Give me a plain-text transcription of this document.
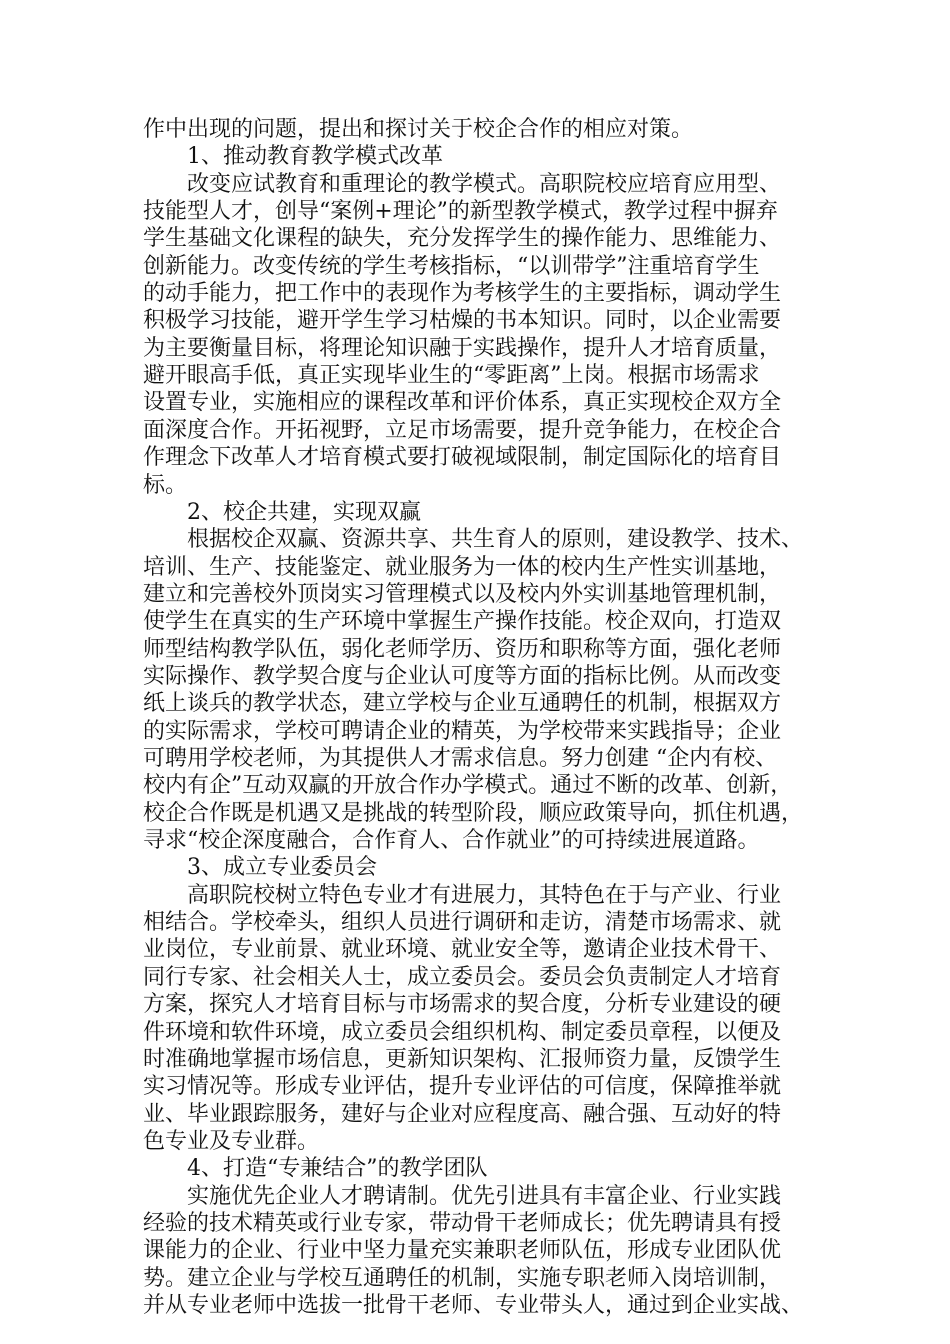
作中出现的问题，提出和探讨关于校企合作的相应对策。
1、推动教育教学模式改革
改变应试教育和重理论的教学模式。高职院校应培育应用型、
技能型人才，创导“案例+理论”的新型教学模式，教学过程中摒弃
学生基础文化课程的缺失，充分发挥学生的操作能力、思维能力、
创新能力。改变传统的学生考核指标，“以训带学”注重培育学生
的动手能力，把工作中的表现作为考核学生的主要指标，调动学生
积极学习技能，避开学生学习枯燥的书本知识。同时，以企业需要
为主要衡量目标，将理论知识融于实践操作，提升人才培育质量，
避开眼高手低，真正实现毕业生的“零距离”上岗。根据市场需求
设置专业，实施相应的课程改革和评价体系，真正实现校企双方全
面深度合作。开拓视野，立足市场需要，提升竞争能力，在校企合
作理念下改革人才培育模式要打破视域限制，制定国际化的培育目
标。
2、校企共建，实现双赢
根据校企双赢、资源共享、共生育人的原则，建设教学、技术、
培训、生产、技能鉴定、就业服务为一体的校内生产性实训基地，
建立和完善校外顶岗实习管理模式以及校内外实训基地管理机制，
使学生在真实的生产环境中掌握生产操作技能。校企双向，打造双
师型结构教学队伍，弱化老师学历、资历和职称等方面，强化老师
实际操作、教学契合度与企业认可度等方面的指标比例。从而改变
纸上谈兵的教学状态，建立学校与企业互通聘任的机制，根据双方
的实际需求，学校可聘请企业的精英，为学校带来实践指导；企业
可聘用学校老师，为其提供人才需求信息。努力创建 “企内有校、
校内有企”互动双赢的开放合作办学模式。通过不断的改革、创新，
校企合作既是机遇又是挑战的转型阶段，顺应政策导向，抓住机遇，
寻求“校企深度融合，合作育人、合作就业”的可持续进展道路。
3、成立专业委员会
高职院校树立特色专业才有进展力，其特色在于与产业、行业
相结合。学校牵头，组织人员进行调研和走访，清楚市场需求、就
业岗位，专业前景、就业环境、就业安全等，邀请企业技术骨干、
同行专家、社会相关人士，成立委员会。委员会负责制定人才培育
方案，探究人才培育目标与市场需求的契合度，分析专业建设的硬
件环境和软件环境，成立委员会组织机构、制定委员章程，以便及
时准确地掌握市场信息，更新知识架构、汇报师资力量，反馈学生
实习情况等。形成专业评估，提升专业评估的可信度，保障推举就
业、毕业跟踪服务，建好与企业对应程度高、融合强、互动好的特
色专业及专业群。
4、打造“专兼结合”的教学团队
实施优先企业人才聘请制。优先引进具有丰富企业、行业实践
经验的技术精英或行业专家，带动骨干老师成长；优先聘请具有授
课能力的企业、行业中坚力量充实兼职老师队伍，形成专业团队优
势。建立企业与学校互通聘任的机制，实施专职老师入岗培训制，
并从专业老师中选拔一批骨干老师、专业带头人，通过到企业实战、
